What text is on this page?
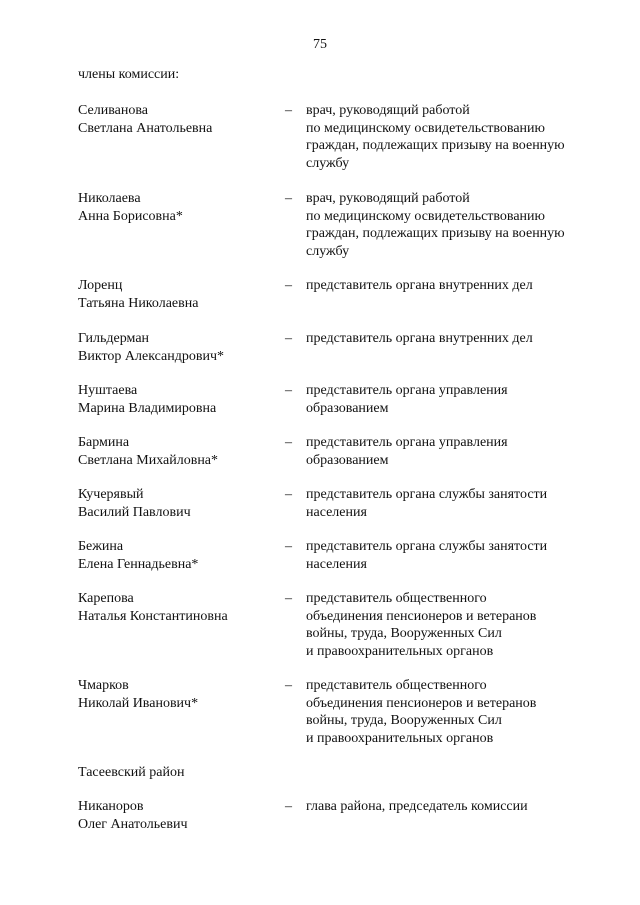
75
члены комиссии:
Селиванова
Светлана Анатольевна
– врач, руководящий работой
по медицинскому освидетельствованию
граждан, подлежащих призыву на военную
службу
Николаева
Анна Борисовна*
– врач, руководящий работой
по медицинскому освидетельствованию
граждан, подлежащих призыву на военную
службу
Лоренц
Татьяна Николаевна
– представитель органа внутренних дел
Гильдерман
Виктор Александрович*
– представитель органа внутренних дел
Нуштаева
Марина Владимировна
– представитель органа управления
образованием
Бармина
Светлана Михайловна*
– представитель органа управления
образованием
Кучерявый
Василий Павлович
– представитель органа службы занятости
населения
Бежина
Елена Геннадьевна*
– представитель органа службы занятости
населения
Карепова
Наталья Константиновна
– представитель общественного
объединения пенсионеров и ветеранов
войны, труда, Вооруженных Сил
и правоохранительных органов
Чмарков
Николай Иванович*
– представитель общественного
объединения пенсионеров и ветеранов
войны, труда, Вооруженных Сил
и правоохранительных органов
Тасеевский район
Никаноров
Олег Анатольевич
– глава района, председатель комиссии
